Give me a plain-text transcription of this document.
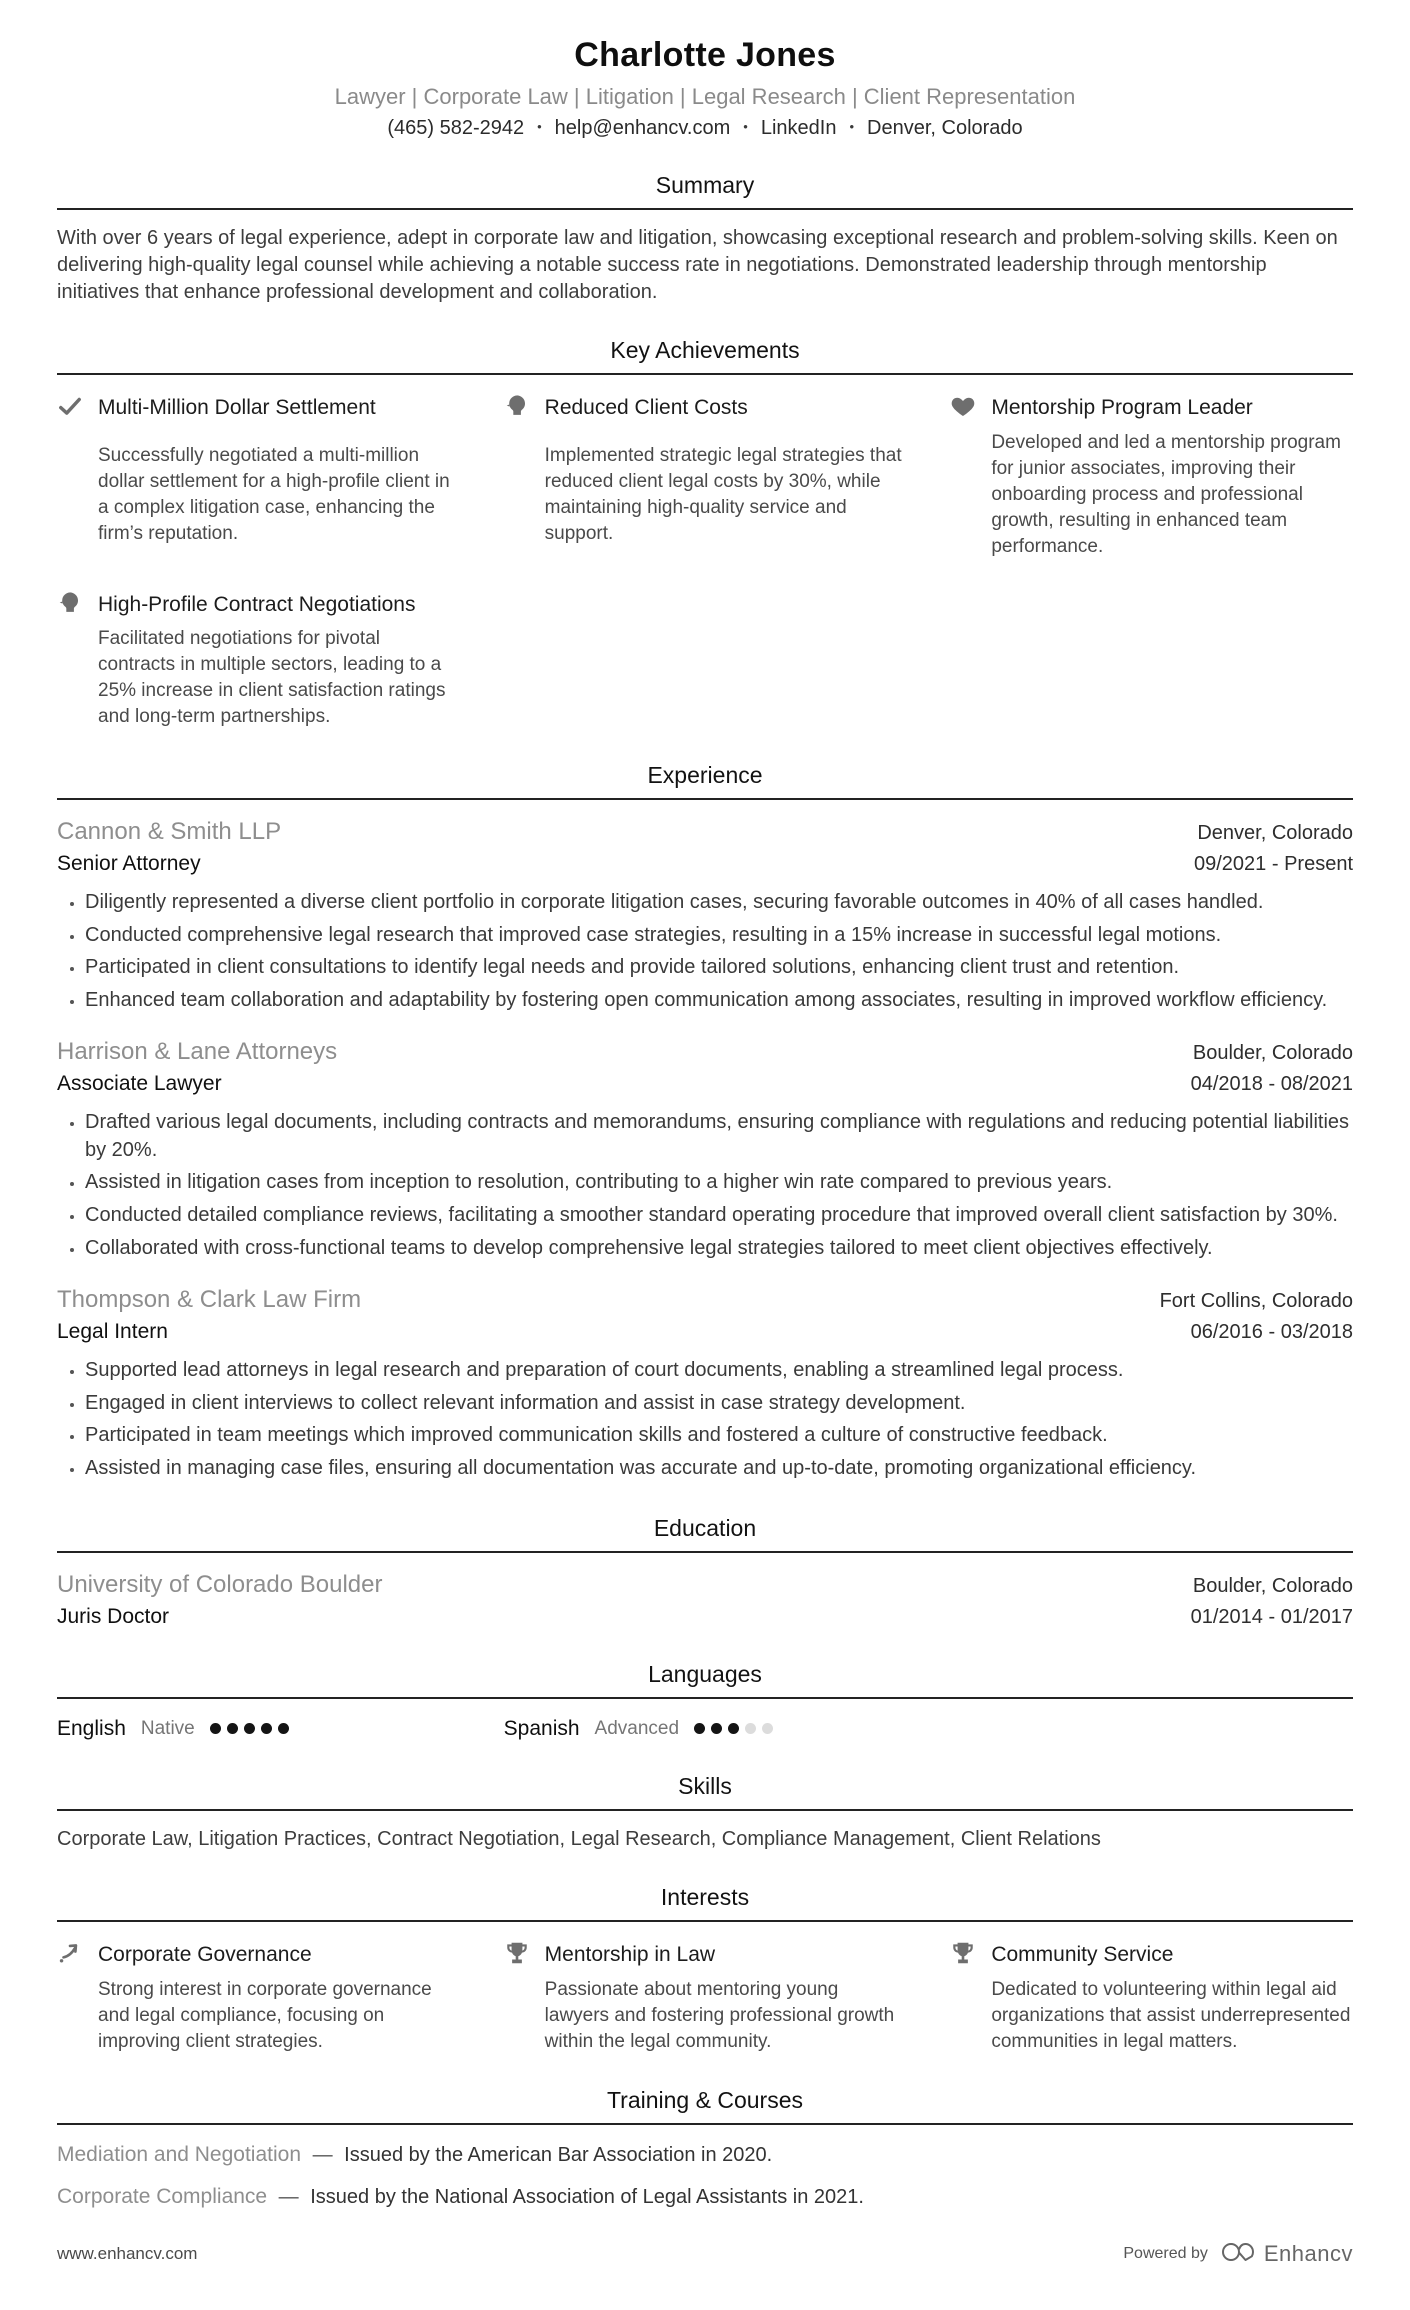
Charlotte Jones
Lawyer | Corporate Law | Litigation | Legal Research | Client Representation
(465) 582-2942 • help@enhancv.com • LinkedIn • Denver, Colorado
Summary
With over 6 years of legal experience, adept in corporate law and litigation, showcasing exceptional research and problem-solving skills. Keen on delivering high-quality legal counsel while achieving a notable success rate in negotiations. Demonstrated leadership through mentorship initiatives that enhance professional development and collaboration.
Key Achievements
Multi-Million Dollar Settlement
Successfully negotiated a multi-million dollar settlement for a high-profile client in a complex litigation case, enhancing the firm’s reputation.
Reduced Client Costs
Implemented strategic legal strategies that reduced client legal costs by 30%, while maintaining high-quality service and support.
Mentorship Program Leader
Developed and led a mentorship program for junior associates, improving their onboarding process and professional growth, resulting in enhanced team performance.
High-Profile Contract Negotiations
Facilitated negotiations for pivotal contracts in multiple sectors, leading to a 25% increase in client satisfaction ratings and long-term partnerships.
Experience
Cannon & Smith LLP	Denver, Colorado
Senior Attorney	09/2021 - Present
• Diligently represented a diverse client portfolio in corporate litigation cases, securing favorable outcomes in 40% of all cases handled.
• Conducted comprehensive legal research that improved case strategies, resulting in a 15% increase in successful legal motions.
• Participated in client consultations to identify legal needs and provide tailored solutions, enhancing client trust and retention.
• Enhanced team collaboration and adaptability by fostering open communication among associates, resulting in improved workflow efficiency.
Harrison & Lane Attorneys	Boulder, Colorado
Associate Lawyer	04/2018 - 08/2021
• Drafted various legal documents, including contracts and memorandums, ensuring compliance with regulations and reducing potential liabilities by 20%.
• Assisted in litigation cases from inception to resolution, contributing to a higher win rate compared to previous years.
• Conducted detailed compliance reviews, facilitating a smoother standard operating procedure that improved overall client satisfaction by 30%.
• Collaborated with cross-functional teams to develop comprehensive legal strategies tailored to meet client objectives effectively.
Thompson & Clark Law Firm	Fort Collins, Colorado
Legal Intern	06/2016 - 03/2018
• Supported lead attorneys in legal research and preparation of court documents, enabling a streamlined legal process.
• Engaged in client interviews to collect relevant information and assist in case strategy development.
• Participated in team meetings which improved communication skills and fostered a culture of constructive feedback.
• Assisted in managing case files, ensuring all documentation was accurate and up-to-date, promoting organizational efficiency.
Education
University of Colorado Boulder	Boulder, Colorado
Juris Doctor	01/2014 - 01/2017
Languages
English Native	Spanish Advanced
Skills
Corporate Law, Litigation Practices, Contract Negotiation, Legal Research, Compliance Management, Client Relations
Interests
Corporate Governance
Strong interest in corporate governance and legal compliance, focusing on improving client strategies.
Mentorship in Law
Passionate about mentoring young lawyers and fostering professional growth within the legal community.
Community Service
Dedicated to volunteering within legal aid organizations that assist underrepresented communities in legal matters.
Training & Courses
Mediation and Negotiation — Issued by the American Bar Association in 2020.
Corporate Compliance — Issued by the National Association of Legal Assistants in 2021.
www.enhancv.com	Powered by	Enhancv
